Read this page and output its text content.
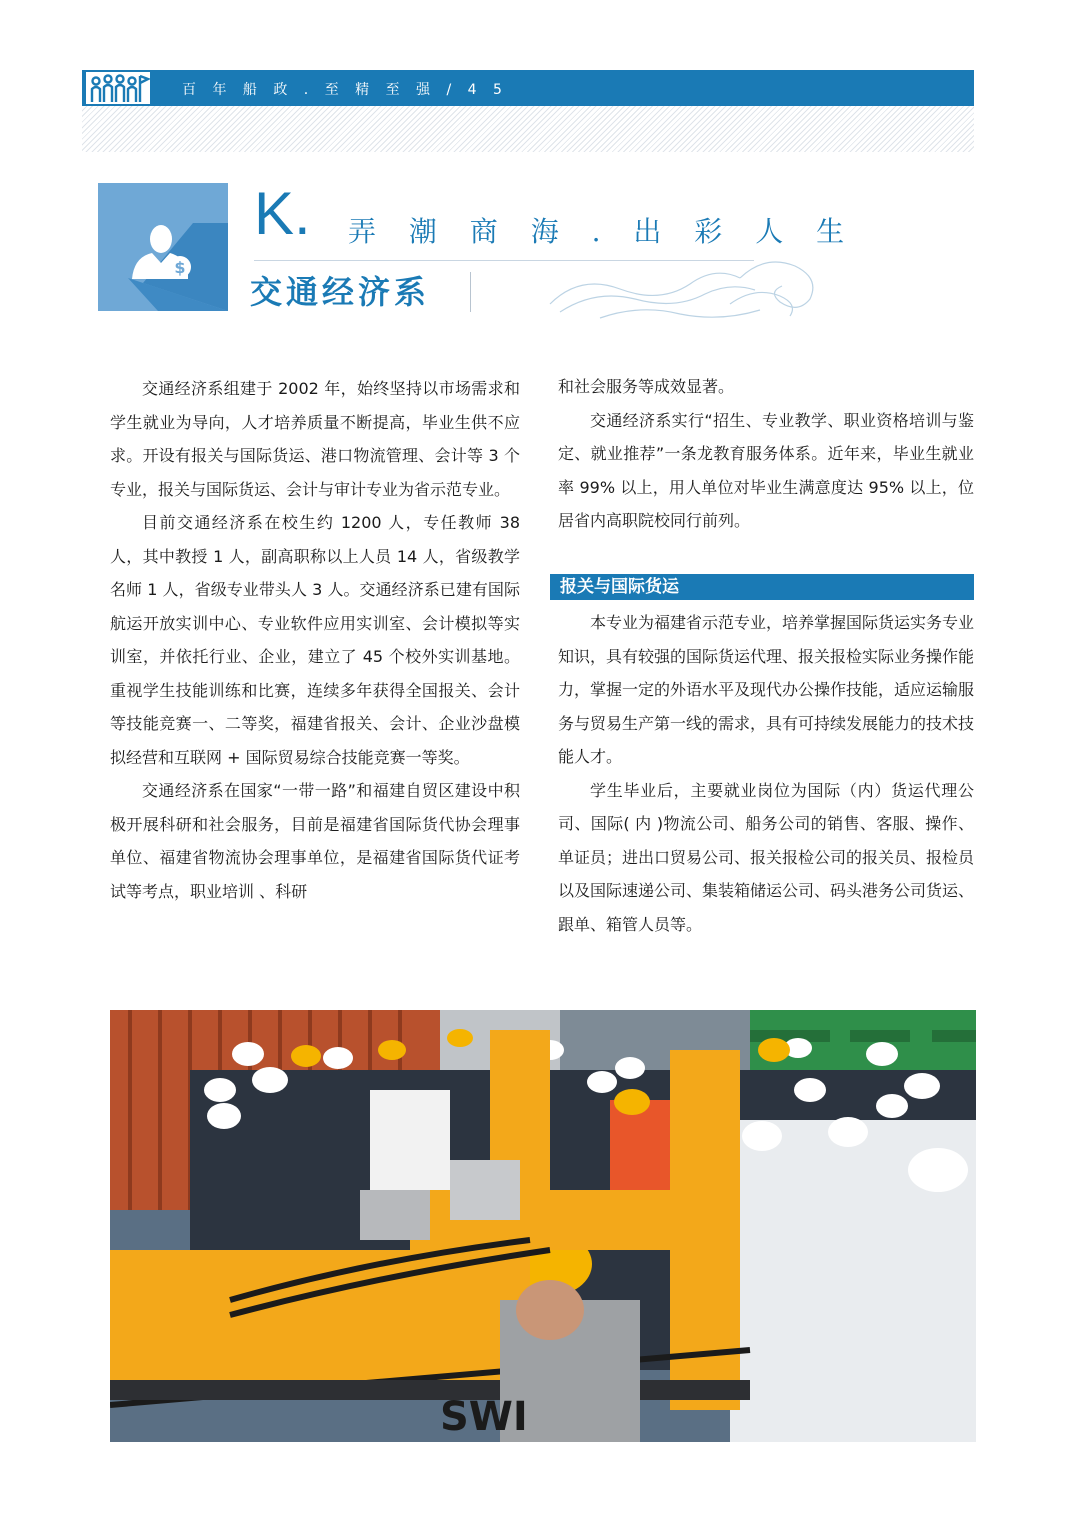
百 年 船 政 . 至 精 至 强 / 4 5
$
K. 弄 潮 商 海 . 出 彩 人 生
交通经济系

交通经济系组建于 2002 年，始终坚持以市场需求和学生就业为导向，人才培养质量不断提高，毕业生供不应求。开设有报关与国际货运、港口物流管理、会计等 3 个专业，报关与国际货运、会计与审计专业为省示范专业。

目前交通经济系在校生约 1200 人，专任教师 38 人，其中教授 1 人，副高职称以上人员 14 人，省级教学名师 1 人，省级专业带头人 3 人。交通经济系已建有国际航运开放实训中心、专业软件应用实训室、会计模拟等实训室，并依托行业、企业，建立了 45 个校外实训基地。重视学生技能训练和比赛，连续多年获得全国报关、会计等技能竞赛一、二等奖，福建省报关、会计、企业沙盘模拟经营和互联网 + 国际贸易综合技能竞赛一等奖。

交通经济系在国家“一带一路”和福建自贸区建设中积极开展科研和社会服务，目前是福建省国际货代协会理事单位、福建省物流协会理事单位，是福建省国际货代证考试等考点，职业培训 、科研

和社会服务等成效显著。

交通经济系实行“招生、专业教学、职业资格培训与鉴定、就业推荐”一条龙教育服务体系。近年来，毕业生就业率 99% 以上，用人单位对毕业生满意度达 95% 以上，位居省内高职院校同行前列。

报关与国际货运

本专业为福建省示范专业，培养掌握国际货运实务专业知识，具有较强的国际货运代理、报关报检实际业务操作能力，掌握一定的外语水平及现代办公操作技能，适应运输服务与贸易生产第一线的需求，具有可持续发展能力的技术技能人才。

学生毕业后，主要就业岗位为国际（内）货运代理公司、国际( 内 )物流公司、船务公司的销售、客服、操作、单证员；进出口贸易公司、报关报检公司的报关员、报检员以及国际速递公司、集装箱储运公司、码头港务公司货运、跟单、箱管人员等。

SWI
